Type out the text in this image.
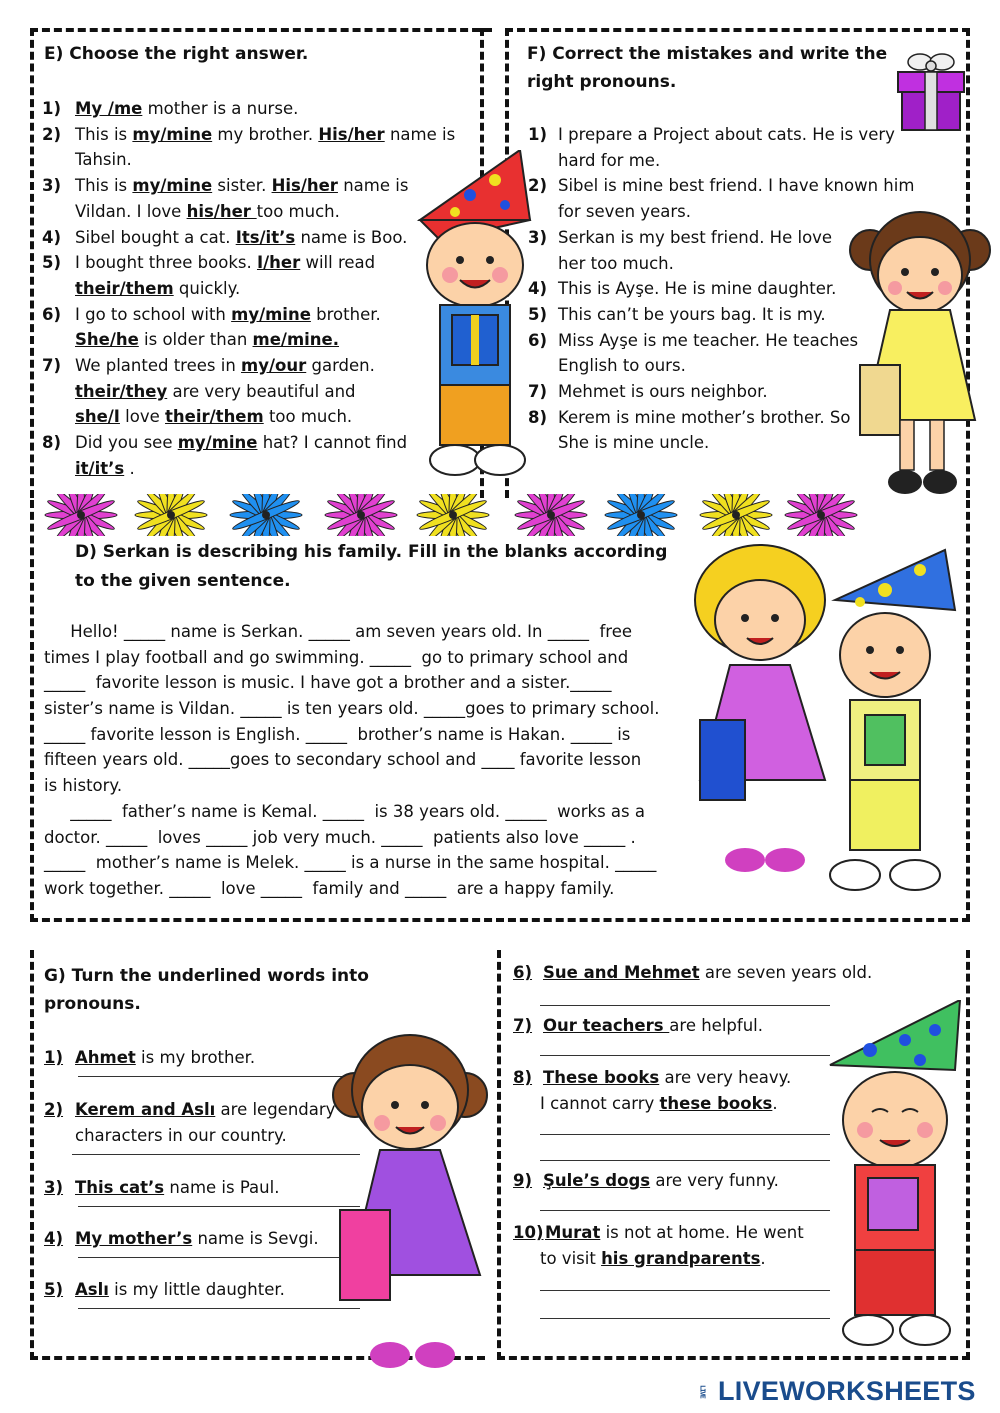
E) Choose the right answer.
1) My /me mother is a nurse.
2) This is my/mine my brother. His/her name is
Tahsin.
3) This is my/mine sister. His/her name is
Vildan. I love his/her too much.
4) Sibel bought a cat. Its/it’s name is Boo.
5) I bought three books. I/her will read
their/them quickly.
6) I go to school with my/mine brother.
She/he is older than me/mine.
7) We planted trees in my/our garden.
their/they are very beautiful and
she/I love their/them too much.
8) Did you see my/mine hat? I cannot find
it/it’s .
F) Correct the mistakes and write the
right pronouns.
1) I prepare a Project about cats. He is very
hard for me.
2) Sibel is mine best friend. I have known him
for seven years.
3) Serkan is my best friend. He love
her too much.
4) This is Ayşe. He is mine daughter.
5) This can’t be yours bag. It is my.
6) Miss Ayşe is me teacher. He teaches
English to ours.
7) Mehmet is ours neighbor.
8) Kerem is mine mother’s brother. So
She is mine uncle.
D) Serkan is describing his family. Fill in the blanks according
to the given sentence.
Hello! _____ name is Serkan. _____ am seven years old. In _____  free
times I play football and go swimming. _____  go to primary school and
_____  favorite lesson is music. I have got a brother and a sister._____
sister’s name is Vildan. _____ is ten years old. _____goes to primary school.
_____ favorite lesson is English. _____  brother’s name is Hakan. _____ is
fifteen years old. _____goes to secondary school and ____ favorite lesson
is history.
_____  father’s name is Kemal. _____  is 38 years old. _____  works as a
doctor. _____  loves _____ job very much. _____  patients also love _____ .
_____  mother’s name is Melek. _____ is a nurse in the same hospital. _____
work together. _____  love _____  family and _____  are a happy family.
G) Turn the underlined words into
pronouns.
1) Ahmet is my brother.
2) Kerem and Aslı are legendary
characters in our country.
3) This cat’s name is Paul.
4) My mother’s name is Sevgi.
5) Aslı is my little daughter.
6) Sue and Mehmet are seven years old.
7) Our teachers are helpful.
8) These books are very heavy.
I cannot carry these books.
9) Şule’s dogs are very funny.
10) Murat is not at home. He went
to visit his grandparents.
LIVE LIVEWORKSHEETS
